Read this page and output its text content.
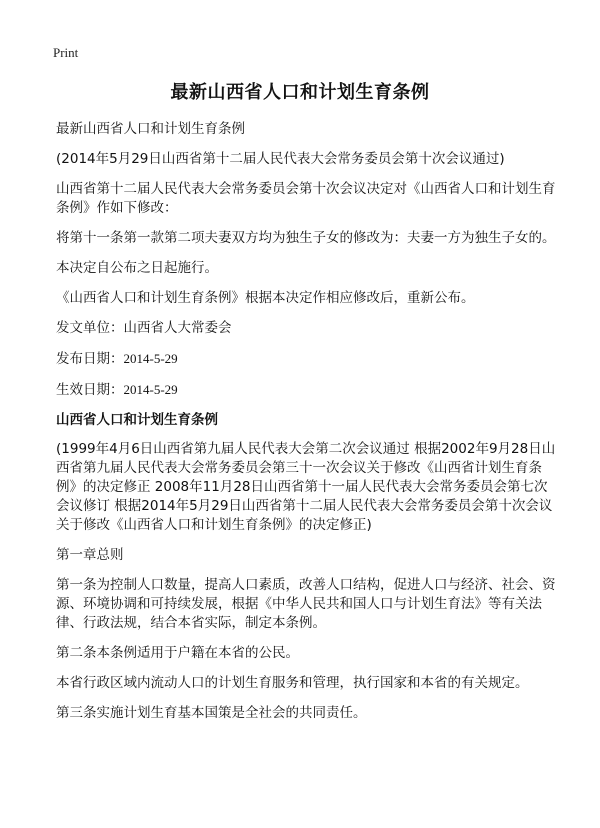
Print
最新山西省人口和计划生育条例

最新山西省人口和计划生育条例

(2014年5月29日山西省第十二届人民代表大会常务委员会第十次会议通过)

山西省第十二届人民代表大会常务委员会第十次会议决定对《山西省人口和计划生育条例》作如下修改：

将第十一条第一款第二项夫妻双方均为独生子女的修改为：夫妻一方为独生子女的。

本决定自公布之日起施行。

《山西省人口和计划生育条例》根据本决定作相应修改后，重新公布。

发文单位：山西省人大常委会

发布日期：2014-5-29

生效日期：2014-5-29

山西省人口和计划生育条例

(1999年4月6日山西省第九届人民代表大会第二次会议通过 根据2002年9月28日山西省第九届人民代表大会常务委员会第三十一次会议关于修改《山西省计划生育条例》的决定修正 2008年11月28日山西省第十一届人民代表大会常务委员会第七次会议修订 根据2014年5月29日山西省第十二届人民代表大会常务委员会第十次会议关于修改《山西省人口和计划生育条例》的决定修正)

第一章总则

第一条为控制人口数量，提高人口素质，改善人口结构，促进人口与经济、社会、资源、环境协调和可持续发展，根据《中华人民共和国人口与计划生育法》等有关法律、行政法规，结合本省实际，制定本条例。

第二条本条例适用于户籍在本省的公民。

本省行政区域内流动人口的计划生育服务和管理，执行国家和本省的有关规定。

第三条实施计划生育基本国策是全社会的共同责任。
